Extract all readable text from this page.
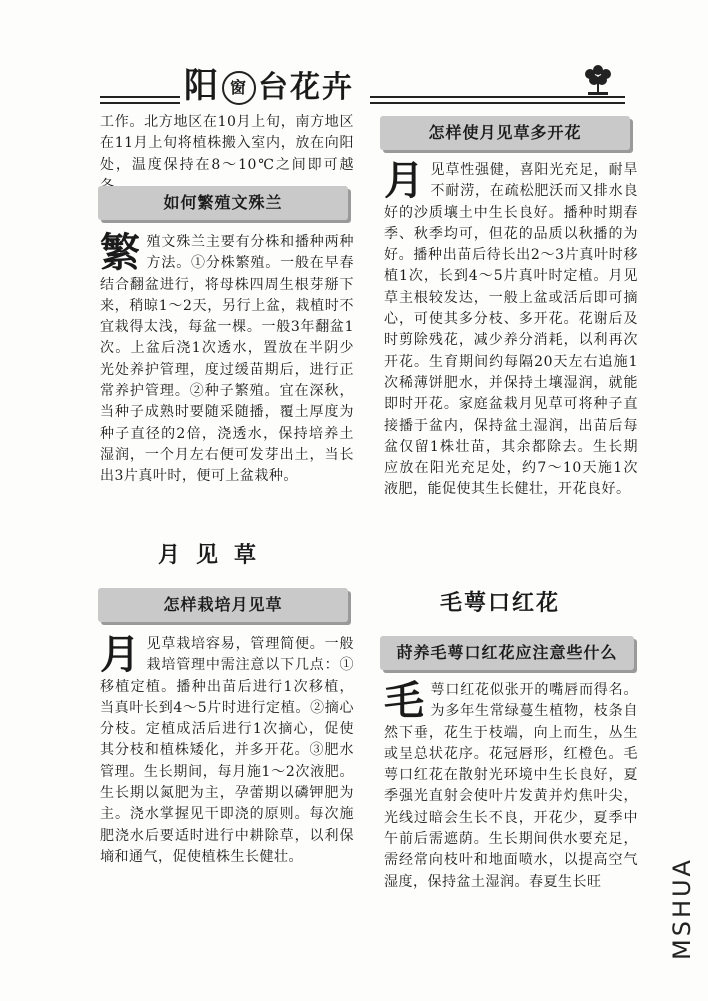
阳 窗 台花卉
工作。北方地区在10月上旬，南方地区在11月上旬将植株搬入室内，放在向阳处，温度保持在8～10℃之间即可越
如何繁殖文殊兰
繁殖文殊兰主要有分株和播种两种方法。①分株繁殖。一般在早春结合翻盆进行，将母株四周生根芽掰下来，稍晾1～2天，另行上盆，栽植时不宜栽得太浅，每盆一棵。一般3年翻盆1次。上盆后浇1次透水，置放在半阴少光处养护管理，度过缓苗期后，进行正常养护管理。②种子繁殖。宜在深秋，当种子成熟时要随采随播，覆土厚度为种子直径的2倍，浇透水，保持培养土湿润，一个月左右便可发芽出土，当长出3片真叶时，便可上盆栽种。
月见草
怎样栽培月见草
月见草栽培容易，管理简便。一般栽培管理中需注意以下几点：①移植定植。播种出苗后进行1次移植，当真叶长到4～5片时进行定植。②摘心分枝。定植成活后进行1次摘心，促使其分枝和植株矮化，并多开花。③肥水管理。生长期间，每月施1～2次液肥。生长期以氮肥为主，孕蕾期以磷钾肥为主。浇水掌握见干即浇的原则。每次施肥浇水后要适时进行中耕除草，以利保墒和通气，促使植株生长健壮。
怎样使月见草多开花
月见草性强健，喜阳光充足，耐旱不耐涝，在疏松肥沃而又排水良好的沙质壤土中生长良好。播种时期春季、秋季均可，但花的品质以秋播的为好。播种出苗后待长出2～3片真叶时移植1次，长到4～5片真叶时定植。月见草主根较发达，一般上盆或活后即可摘心，可使其多分枝、多开花。花谢后及时剪除残花，减少养分消耗，以利再次开花。生育期间约每隔20天左右追施1次稀薄饼肥水，并保持土壤湿润，就能即时开花。家庭盆栽月见草可将种子直接播于盆内，保持盆土湿润，出苗后每盆仅留1株壮苗，其余都除去。生长期应放在阳光充足处，约7～10天施1次液肥，能促使其生长健壮，开花良好。
毛萼口红花
莳养毛萼口红花应注意些什么
毛萼口红花似张开的嘴唇而得名。为多年生常绿蔓生植物，枝条自然下垂，花生于枝端，向上而生，丛生或呈总状花序。花冠唇形，红橙色。毛萼口红花在散射光环境中生长良好，夏季强光直射会使叶片发黄并灼焦叶尖，光线过暗会生长不良，开花少，夏季中午前后需遮荫。生长期间供水要充足，需经常向枝叶和地面喷水，以提高空气湿度，保持盆土湿润。春夏生长旺	MSHUA
